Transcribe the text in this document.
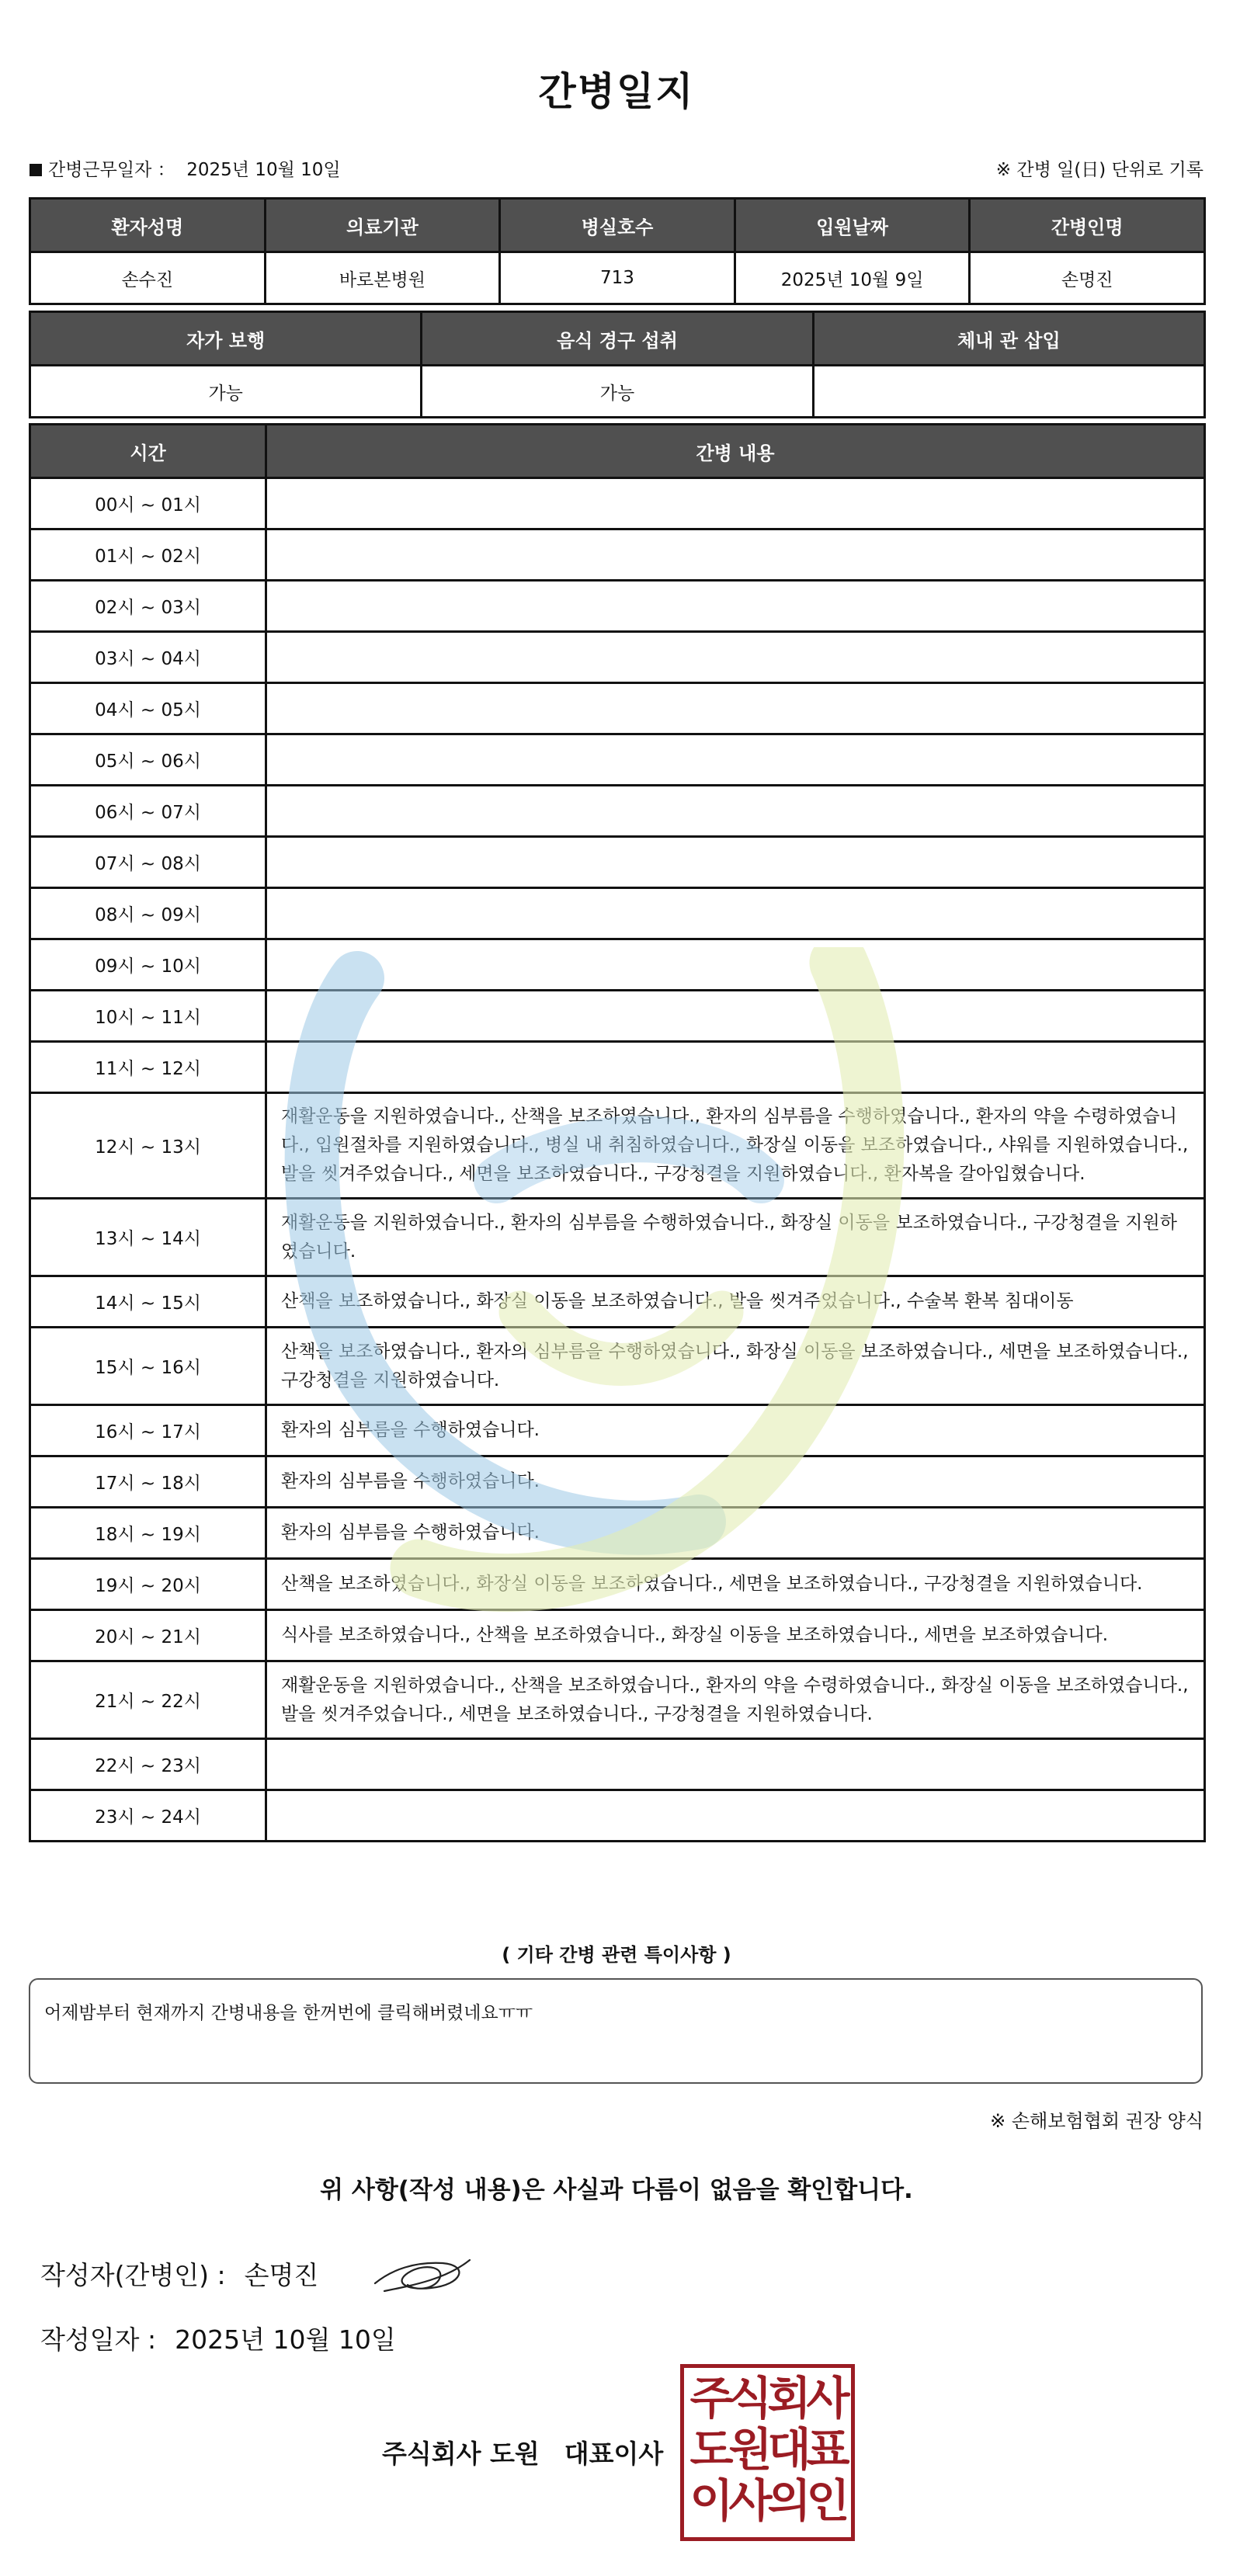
간병일지
간병근무일자 ： 2025년 10월 10일	※ 간병 일(日) 단위로 기록
환자성명	의료기관	병실호수	입원날짜	간병인명
손수진	바로본병원	713	2025년 10월 9일	손명진
자가 보행	음식 경구 섭취	체내 관 삽입
가능	가능	
시간	간병 내용
00시 ~ 01시	
01시 ~ 02시	
02시 ~ 03시	
03시 ~ 04시	
04시 ~ 05시	
05시 ~ 06시	
06시 ~ 07시	
07시 ~ 08시	
08시 ~ 09시	
09시 ~ 10시	
10시 ~ 11시	
11시 ~ 12시	
12시 ~ 13시	재활운동을 지원하였습니다., 산책을 보조하였습니다., 환자의 심부름을 수행하였습니다., 환자의 약을 수령하였습니다., 입원절차를 지원하였습니다., 병실 내 취침하였습니다., 화장실 이동을 보조하였습니다., 샤워를 지원하였습니다., 발을 씻겨주었습니다., 세면을 보조하였습니다., 구강청결을 지원하였습니다., 환자복을 갈아입혔습니다.
13시 ~ 14시	재활운동을 지원하였습니다., 환자의 심부름을 수행하였습니다., 화장실 이동을 보조하였습니다., 구강청결을 지원하였습니다.
14시 ~ 15시	산책을 보조하였습니다., 화장실 이동을 보조하였습니다., 발을 씻겨주었습니다., 수술복 환복 침대이동
15시 ~ 16시	산책을 보조하였습니다., 환자의 심부름을 수행하였습니다., 화장실 이동을 보조하였습니다., 세면을 보조하였습니다., 구강청결을 지원하였습니다.
16시 ~ 17시	환자의 심부름을 수행하였습니다.
17시 ~ 18시	환자의 심부름을 수행하였습니다.
18시 ~ 19시	환자의 심부름을 수행하였습니다.
19시 ~ 20시	산책을 보조하였습니다., 화장실 이동을 보조하였습니다., 세면을 보조하였습니다., 구강청결을 지원하였습니다.
20시 ~ 21시	식사를 보조하였습니다., 산책을 보조하였습니다., 화장실 이동을 보조하였습니다., 세면을 보조하였습니다.
21시 ~ 22시	재활운동을 지원하였습니다., 산책을 보조하였습니다., 환자의 약을 수령하였습니다., 화장실 이동을 보조하였습니다., 발을 씻겨주었습니다., 세면을 보조하였습니다., 구강청결을 지원하였습니다.
22시 ~ 23시	
23시 ~ 24시	
( 기타 간병 관련 특이사항 )
어제밤부터 현재까지 간병내용을 한꺼번에 클릭해버렸네요ㅠㅠ
※ 손해보험협회 권장 양식
위 사항(작성 내용)은 사실과 다름이 없음을 확인합니다.
작성자(간병인) : 손명진
작성일자 : 2025년 10월 10일
주식회사 도원 대표이사
주식회사
도원대표
이사의인
